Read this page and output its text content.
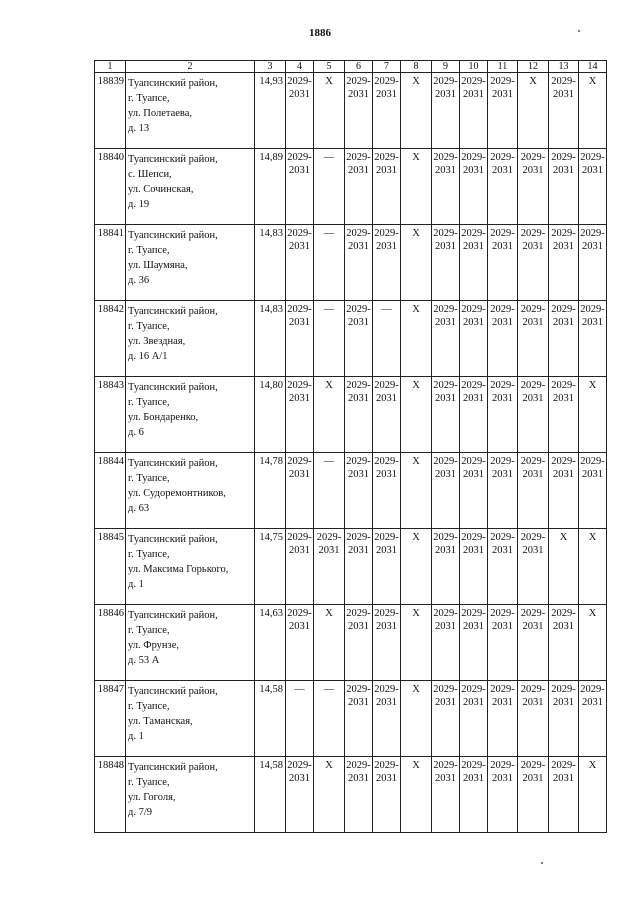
1886
1	2	3	4	5	6	7	8	9	10	11	12	13	14

18839	Туапсинский район,
г. Туапсе,
ул. Полетаева,
д. 13	14,93	2029-
2031	X	2029-
2031	2029-
2031	X	2029-
2031	2029-
2031	2029-
2031	X	2029-
2031	X

18840	Туапсинский район,
с. Шепси,
ул. Сочинская,
д. 19	14,89	2029-
2031	—	2029-
2031	2029-
2031	X	2029-
2031	2029-
2031	2029-
2031	2029-
2031	2029-
2031	2029-
2031

18841	Туапсинский район,
г. Туапсе,
ул. Шаумяна,
д. 36	14,83	2029-
2031	—	2029-
2031	2029-
2031	X	2029-
2031	2029-
2031	2029-
2031	2029-
2031	2029-
2031	2029-
2031

18842	Туапсинский район,
г. Туапсе,
ул. Звездная,
д. 16 А/1	14,83	2029-
2031	—	2029-
2031	—	X	2029-
2031	2029-
2031	2029-
2031	2029-
2031	2029-
2031	2029-
2031

18843	Туапсинский район,
г. Туапсе,
ул. Бондаренко,
д. 6	14,80	2029-
2031	X	2029-
2031	2029-
2031	X	2029-
2031	2029-
2031	2029-
2031	2029-
2031	2029-
2031	X

18844	Туапсинский район,
г. Туапсе,
ул. Судоремонтников,
д. 63	14,78	2029-
2031	—	2029-
2031	2029-
2031	X	2029-
2031	2029-
2031	2029-
2031	2029-
2031	2029-
2031	2029-
2031

18845	Туапсинский район,
г. Туапсе,
ул. Максима Горького,
д. 1	14,75	2029-
2031	2029-
2031	2029-
2031	2029-
2031	X	2029-
2031	2029-
2031	2029-
2031	2029-
2031	X	X

18846	Туапсинский район,
г. Туапсе,
ул. Фрунзе,
д. 53 А	14,63	2029-
2031	X	2029-
2031	2029-
2031	X	2029-
2031	2029-
2031	2029-
2031	2029-
2031	2029-
2031	X

18847	Туапсинский район,
г. Туапсе,
ул. Таманская,
д. 1	14,58	—	—	2029-
2031	2029-
2031	X	2029-
2031	2029-
2031	2029-
2031	2029-
2031	2029-
2031	2029-
2031

18848	Туапсинский район,
г. Туапсе,
ул. Гоголя,
д. 7/9	14,58	2029-
2031	X	2029-
2031	2029-
2031	X	2029-
2031	2029-
2031	2029-
2031	2029-
2031	2029-
2031	X
